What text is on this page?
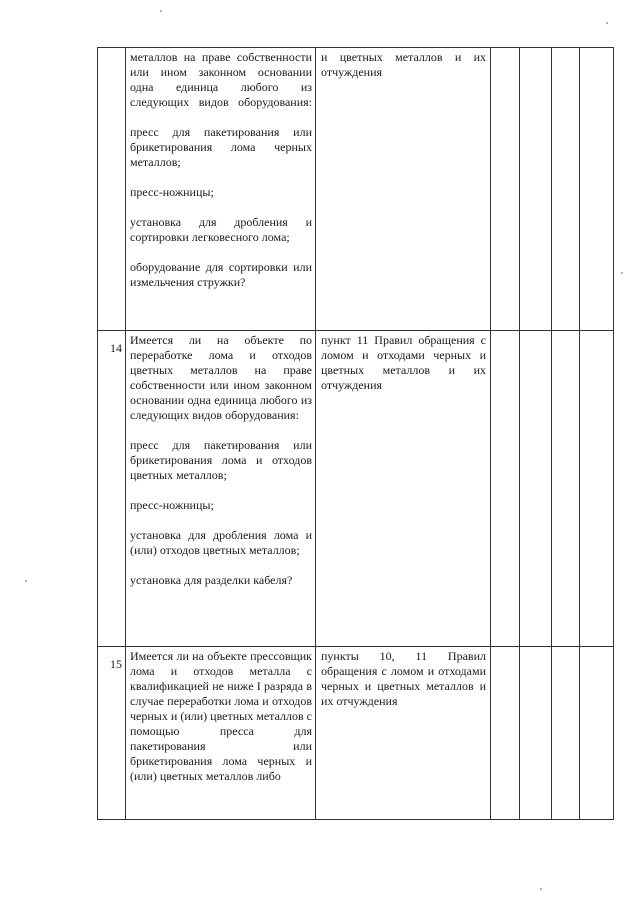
	металлов на праве собственности или ином законном основании одна единица любого из следующих видов оборудования:

пресс для пакетирования или брикетирования лома черных металлов;

пресс-ножницы;

установка для дробления и сортировки легковесного лома;

оборудование для сортировки или измельчения стружки?	и цветных металлов и их отчуждения				

14	Имеется ли на объекте по переработке лома и отходов цветных металлов на праве собственности или ином законном основании одна единица любого из следующих видов оборудования:

пресс для пакетирования или брикетирования лома и отходов цветных металлов;

пресс-ножницы;

установка для дробления лома и (или) отходов цветных металлов;

установка для разделки кабеля?	пункт 11 Правил обращения с ломом и отходами черных и цветных металлов и их отчуждения				

15	Имеется ли на объекте прессовщик лома и отходов металла с квалификацией не ниже I разряда в случае переработки лома и отходов черных и (или) цветных металлов с помощью пресса для пакетирования или брикетирования лома черных и (или) цветных металлов либо	пункты 10, 11 Правил обращения с ломом и отходами черных и цветных металлов и их отчуждения				
